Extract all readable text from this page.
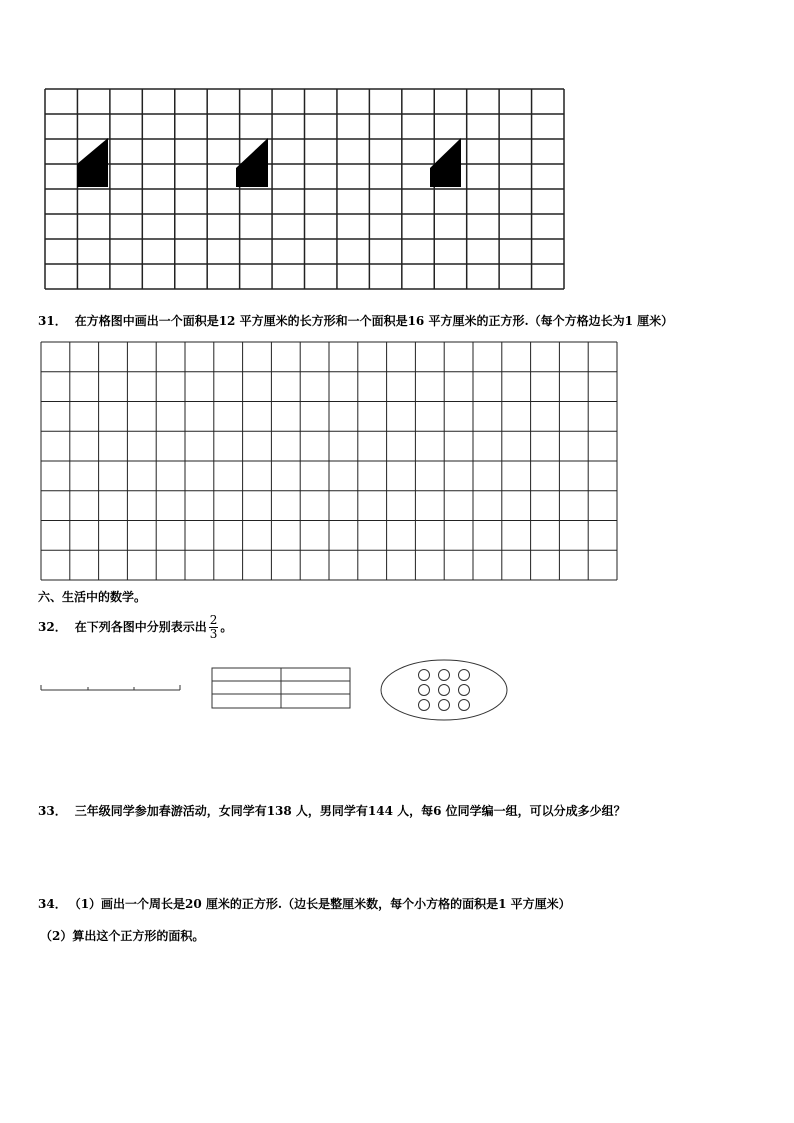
31． 在方格图中画出一个面积是12 平方厘米的长方形和一个面积是16 平方厘米的正方形.（每个方格边长为1 厘米）
六、生活中的数学。
32． 在下列各图中分别表示出 $\frac{2}{3}$ 。
33． 三年级同学参加春游活动，女同学有138 人，男同学有144 人，每6 位同学编一组，可以分成多少组？
34． （1）画出一个周长是20 厘米的正方形.（边长是整厘米数，每个小方格的面积是1 平方厘米）
（2）算出这个正方形的面积。
